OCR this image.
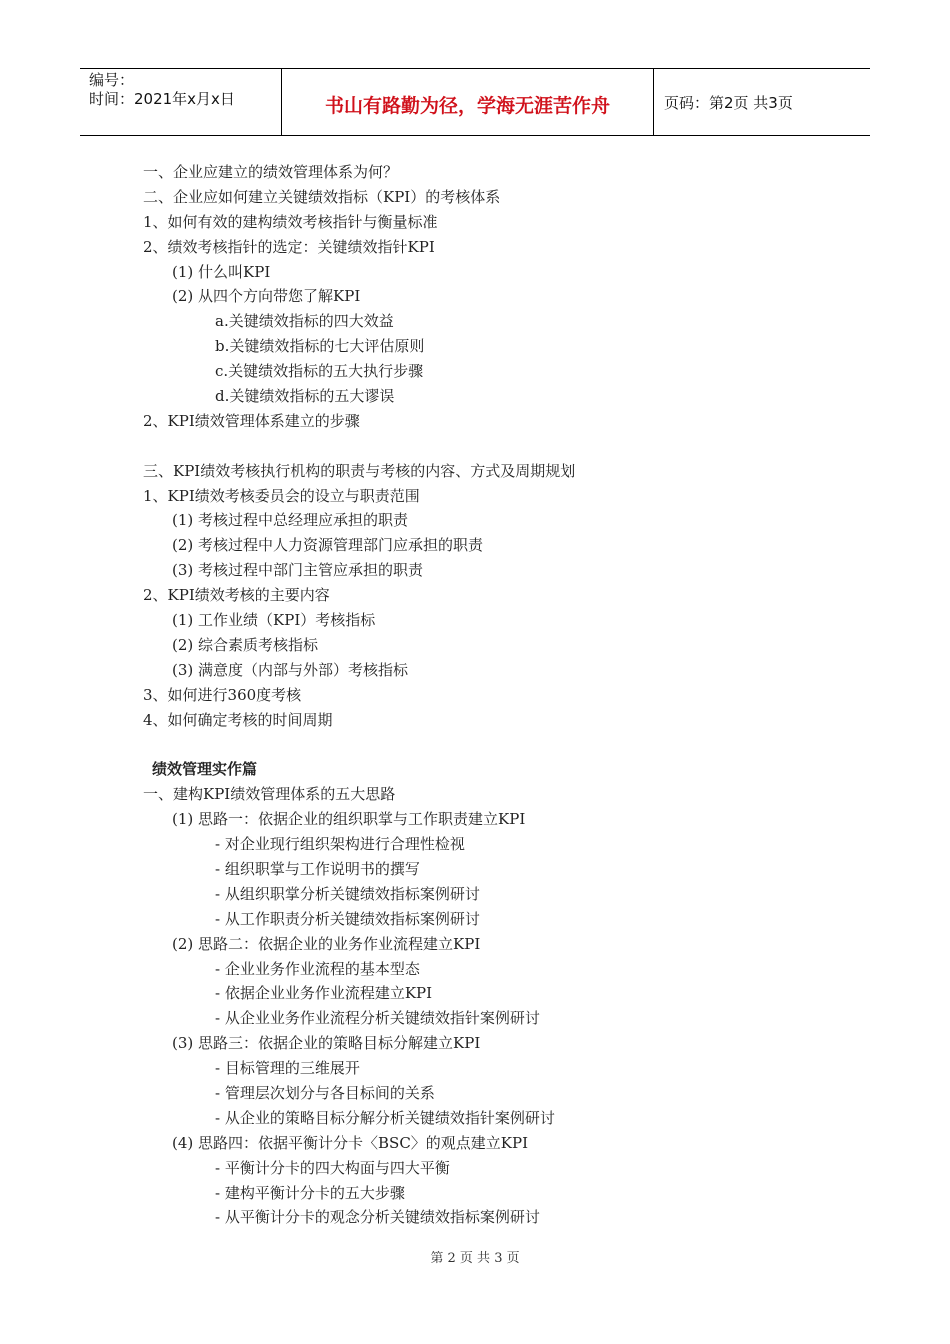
编号：
时间：2021年x月x日	书山有路勤为径，学海无涯苦作舟	页码：第2页 共3页
一、企业应建立的绩效管理体系为何？
二、企业应如何建立关键绩效指标（KPI）的考核体系
1、如何有效的建构绩效考核指针与衡量标准
2、绩效考核指针的选定：关键绩效指针KPI
(1) 什么叫KPI
(2) 从四个方向带您了解KPI
a.关键绩效指标的四大效益
b.关键绩效指标的七大评估原则
c.关键绩效指标的五大执行步骤
d.关键绩效指标的五大谬误
2、KPI绩效管理体系建立的步骤
三、KPI绩效考核执行机构的职责与考核的内容、方式及周期规划
1、KPI绩效考核委员会的设立与职责范围
(1) 考核过程中总经理应承担的职责
(2) 考核过程中人力资源管理部门应承担的职责
(3) 考核过程中部门主管应承担的职责
2、KPI绩效考核的主要内容
(1) 工作业绩（KPI）考核指标
(2) 综合素质考核指标
(3) 满意度（内部与外部）考核指标
3、如何进行360度考核
4、如何确定考核的时间周期
绩效管理实作篇
一、建构KPI绩效管理体系的五大思路
(1) 思路一：依据企业的组织职掌与工作职责建立KPI
- 对企业现行组织架构进行合理性检视
- 组织职掌与工作说明书的撰写
- 从组织职掌分析关键绩效指标案例研讨
- 从工作职责分析关键绩效指标案例研讨
(2) 思路二：依据企业的业务作业流程建立KPI
- 企业业务作业流程的基本型态
- 依据企业业务作业流程建立KPI
- 从企业业务作业流程分析关键绩效指针案例研讨
(3) 思路三：依据企业的策略目标分解建立KPI
- 目标管理的三维展开
- 管理层次划分与各目标间的关系
- 从企业的策略目标分解分析关键绩效指针案例研讨
(4) 思路四：依据平衡计分卡〈BSC〉的观点建立KPI
- 平衡计分卡的四大构面与四大平衡
- 建构平衡计分卡的五大步骤
- 从平衡计分卡的观念分析关键绩效指标案例研讨
第 2 页 共 3 页
